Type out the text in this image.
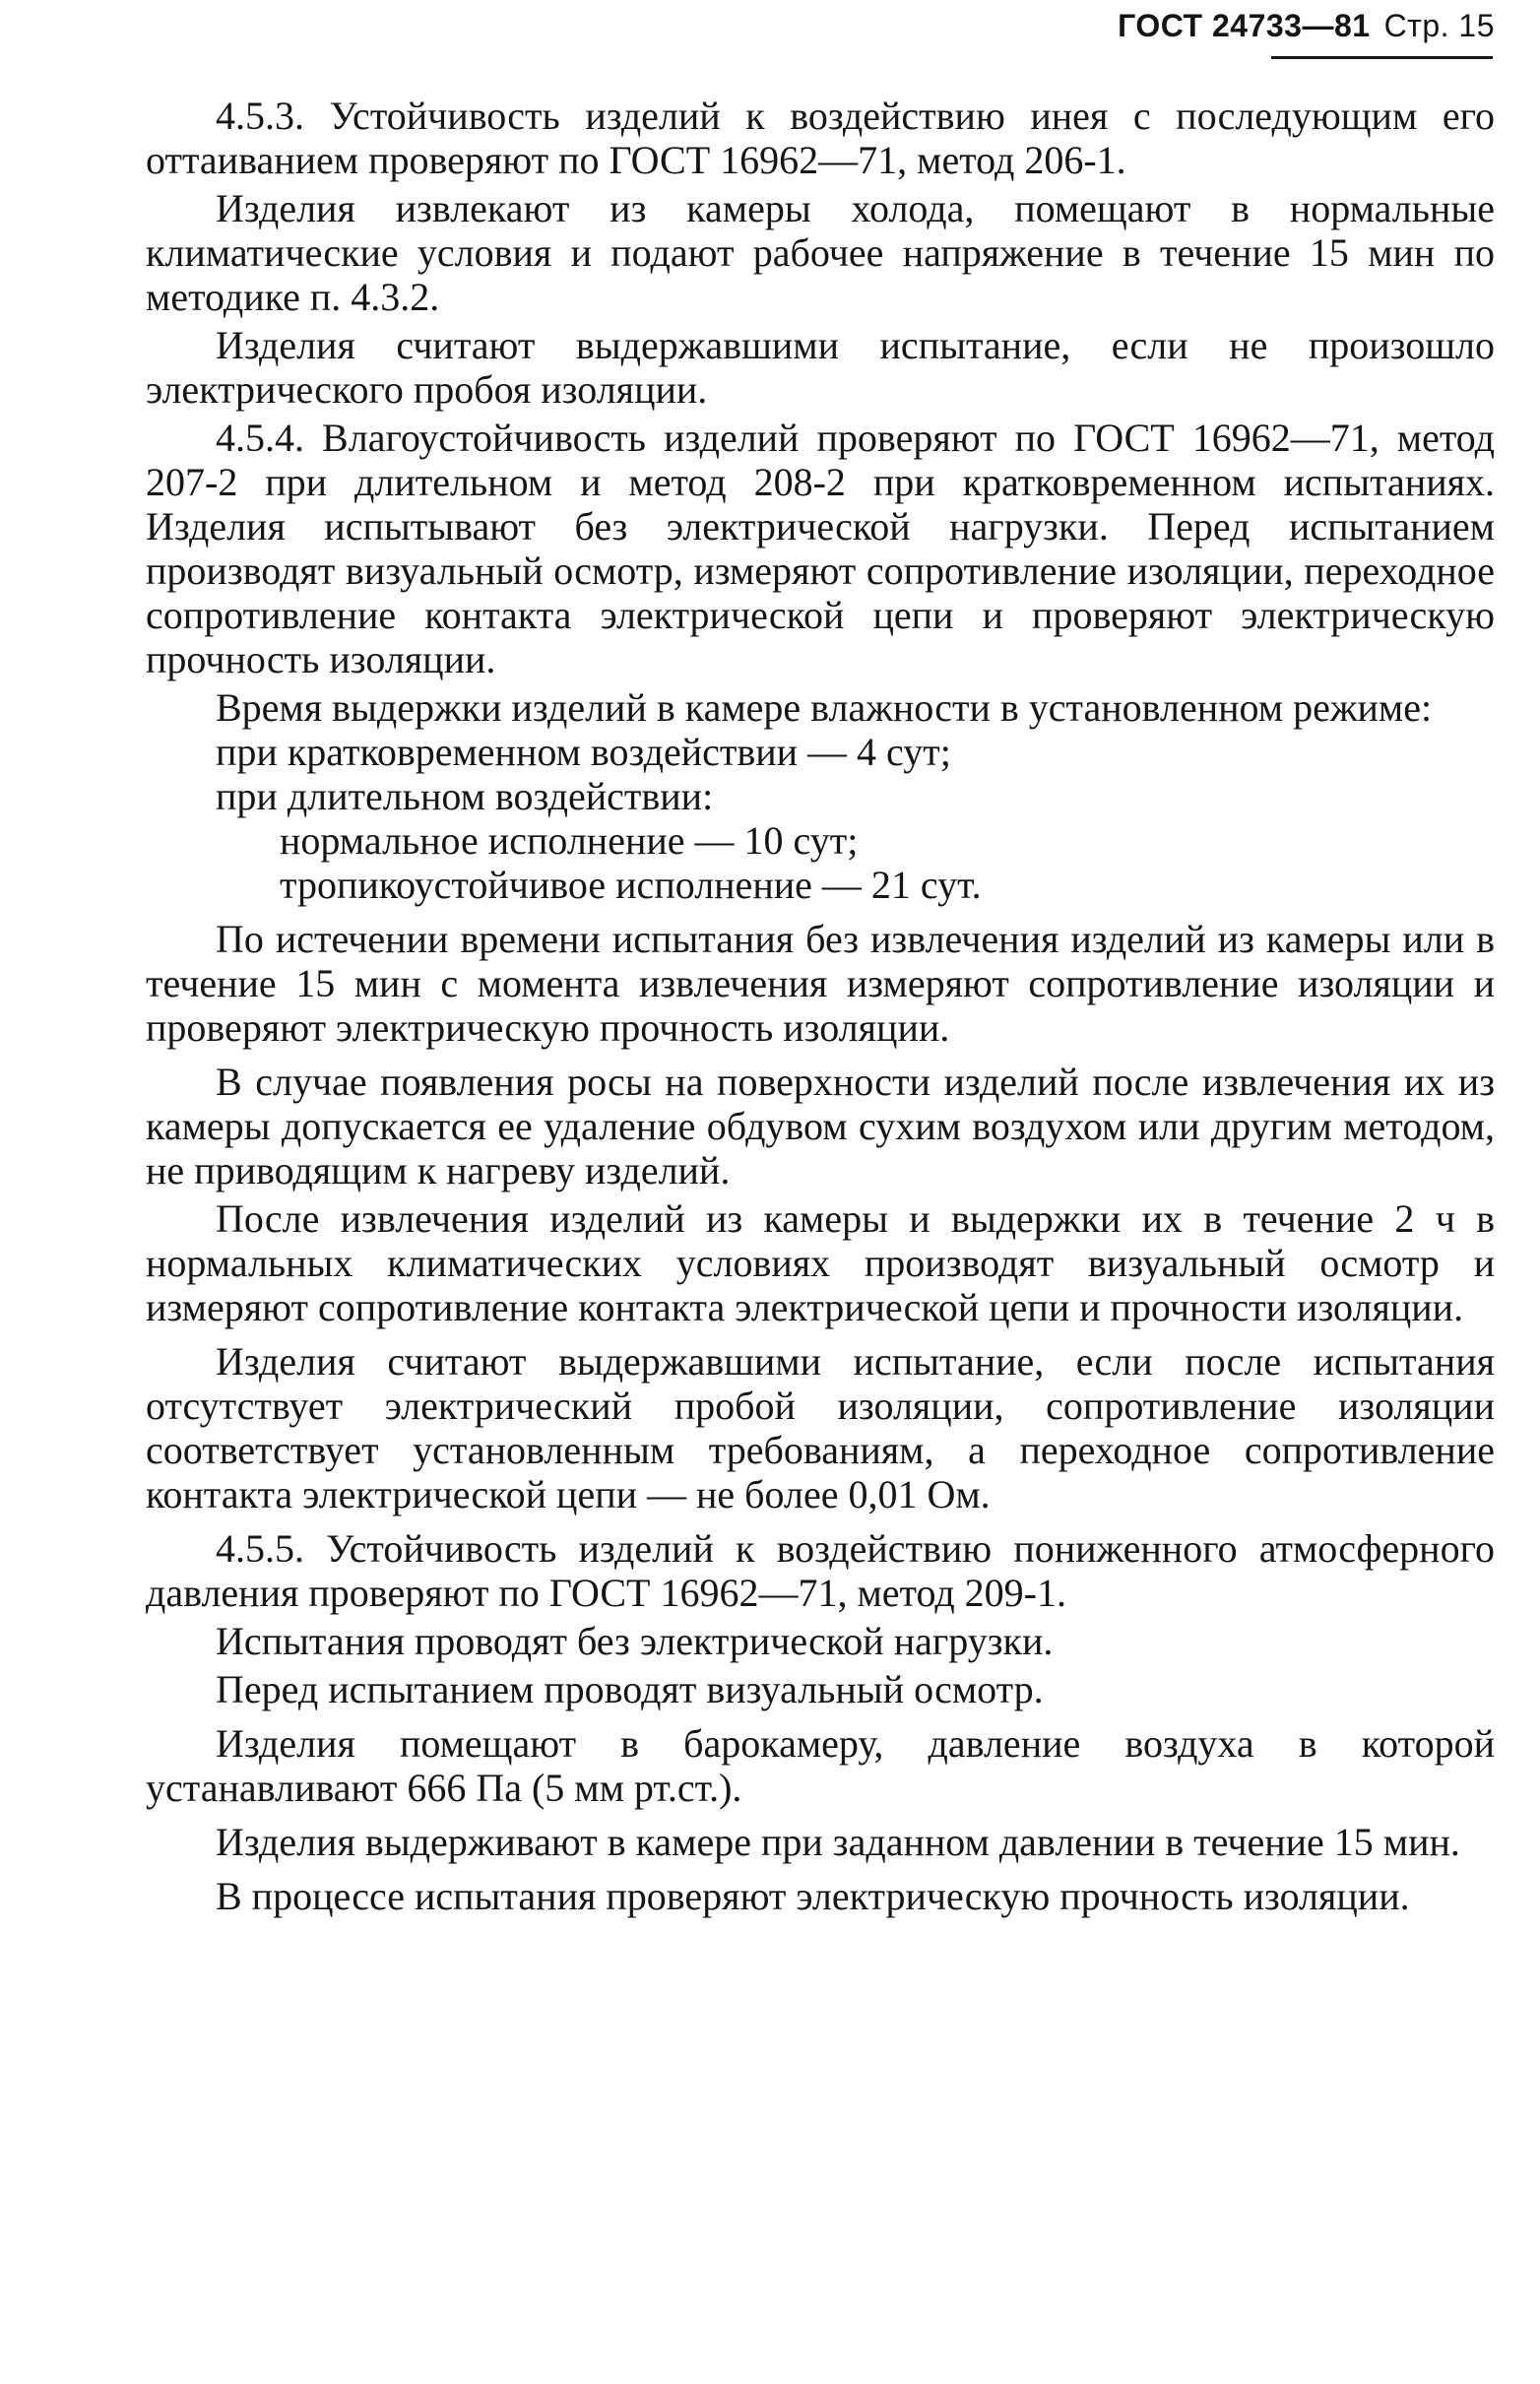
ГОСТ 24733—81 Стр. 15

4.5.3. Устойчивость изделий к воздействию инея с последующим его оттаиванием проверяют по ГОСТ 16962—71, метод 206-1.

Изделия извлекают из камеры холода, помещают в нормальные климатические условия и подают рабочее напряжение в течение 15 мин по методике п. 4.3.2.

Изделия считают выдержавшими испытание, если не произошло электрического пробоя изоляции.

4.5.4. Влагоустойчивость изделий проверяют по ГОСТ 16962—71, метод 207-2 при длительном и метод 208-2 при кратковременном испытаниях. Изделия испытывают без электрической нагрузки. Перед испытанием производят визуальный осмотр, измеряют сопротивление изоляции, переходное сопротивление контакта электрической цепи и проверяют электрическую прочность изоляции.

Время выдержки изделий в камере влажности в установленном режиме:

при кратковременном воздействии — 4 сут;
при длительном воздействии:
нормальное исполнение — 10 сут;
тропикоустойчивое исполнение — 21 сут.

По истечении времени испытания без извлечения изделий из камеры или в течение 15 мин с момента извлечения измеряют сопротивление изоляции и проверяют электрическую прочность изоляции.

В случае появления росы на поверхности изделий после извлечения их из камеры допускается ее удаление обдувом сухим воздухом или другим методом, не приводящим к нагреву изделий.

После извлечения изделий из камеры и выдержки их в течение 2 ч в нормальных климатических условиях производят визуальный осмотр и измеряют сопротивление контакта электрической цепи и прочности изоляции.

Изделия считают выдержавшими испытание, если после испытания отсутствует электрический пробой изоляции, сопротивление изоляции соответствует установленным требованиям, а переходное сопротивление контакта электрической цепи — не более 0,01 Ом.

4.5.5. Устойчивость изделий к воздействию пониженного атмосферного давления проверяют по ГОСТ 16962—71, метод 209-1.

Испытания проводят без электрической нагрузки.

Перед испытанием проводят визуальный осмотр.

Изделия помещают в барокамеру, давление воздуха в которой устанавливают 666 Па (5 мм рт.ст.).

Изделия выдерживают в камере при заданном давлении в течение 15 мин.

В процессе испытания проверяют электрическую прочность изоляции.
